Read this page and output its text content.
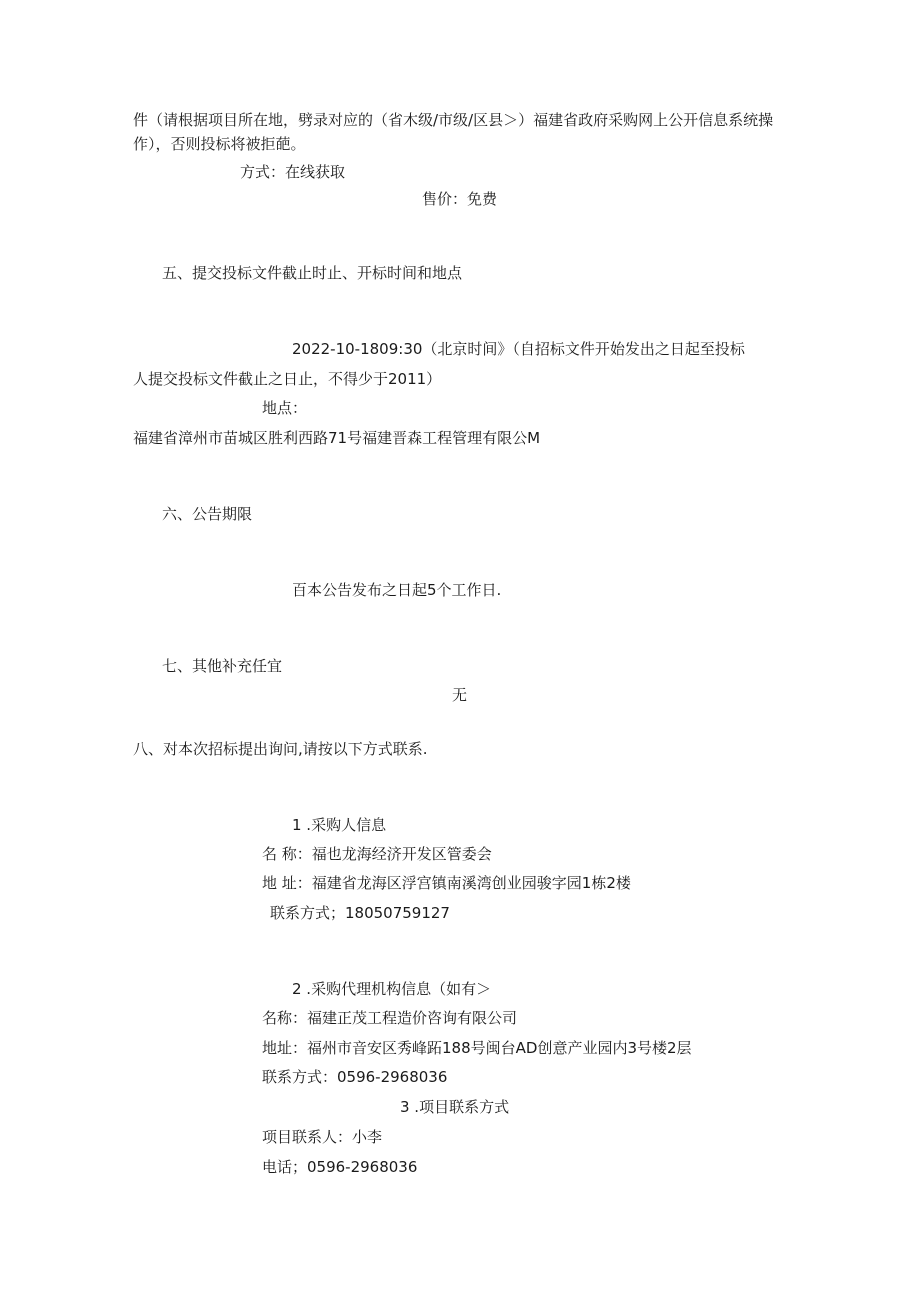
件（请根据项目所在地，劈录对应的（省木级/市级/区县＞）福建省政府采购网上公开信息系统操
作），否则投标将被拒葩。
方式：在线获取
售价：免费
五、提交投标文件截止时止、开标时间和地点
2022-10-1809:30（北京时间》（自招标文件开始发出之日起至投标
人提交投标文件截止之日止，不得少于2011）
地点：
福建省漳州市苗城区胜利西路71号福建晋森工程管理有限公M
六、公告期限
百本公告发布之日起5个工作日.
七、其他补充任宜
无
八、对本次招标提出询问,请按以下方式联系.
1 .采购人信息
名 称：福也龙海经济开发区管委会
地 址：福建省龙海区浮宫镇南溪湾创业园骏字园1栋2楼
联系方式；18050759127
2 .采购代理机构信息（如有＞
名称：福建正茂工程造价咨询有限公司
地址：福州市音安区秀峰跖188号闽台AD创意产业园内3号楼2层
联系方式：0596-2968036
3 .项目联系方式
项目联系人：小李
电话；0596-2968036
